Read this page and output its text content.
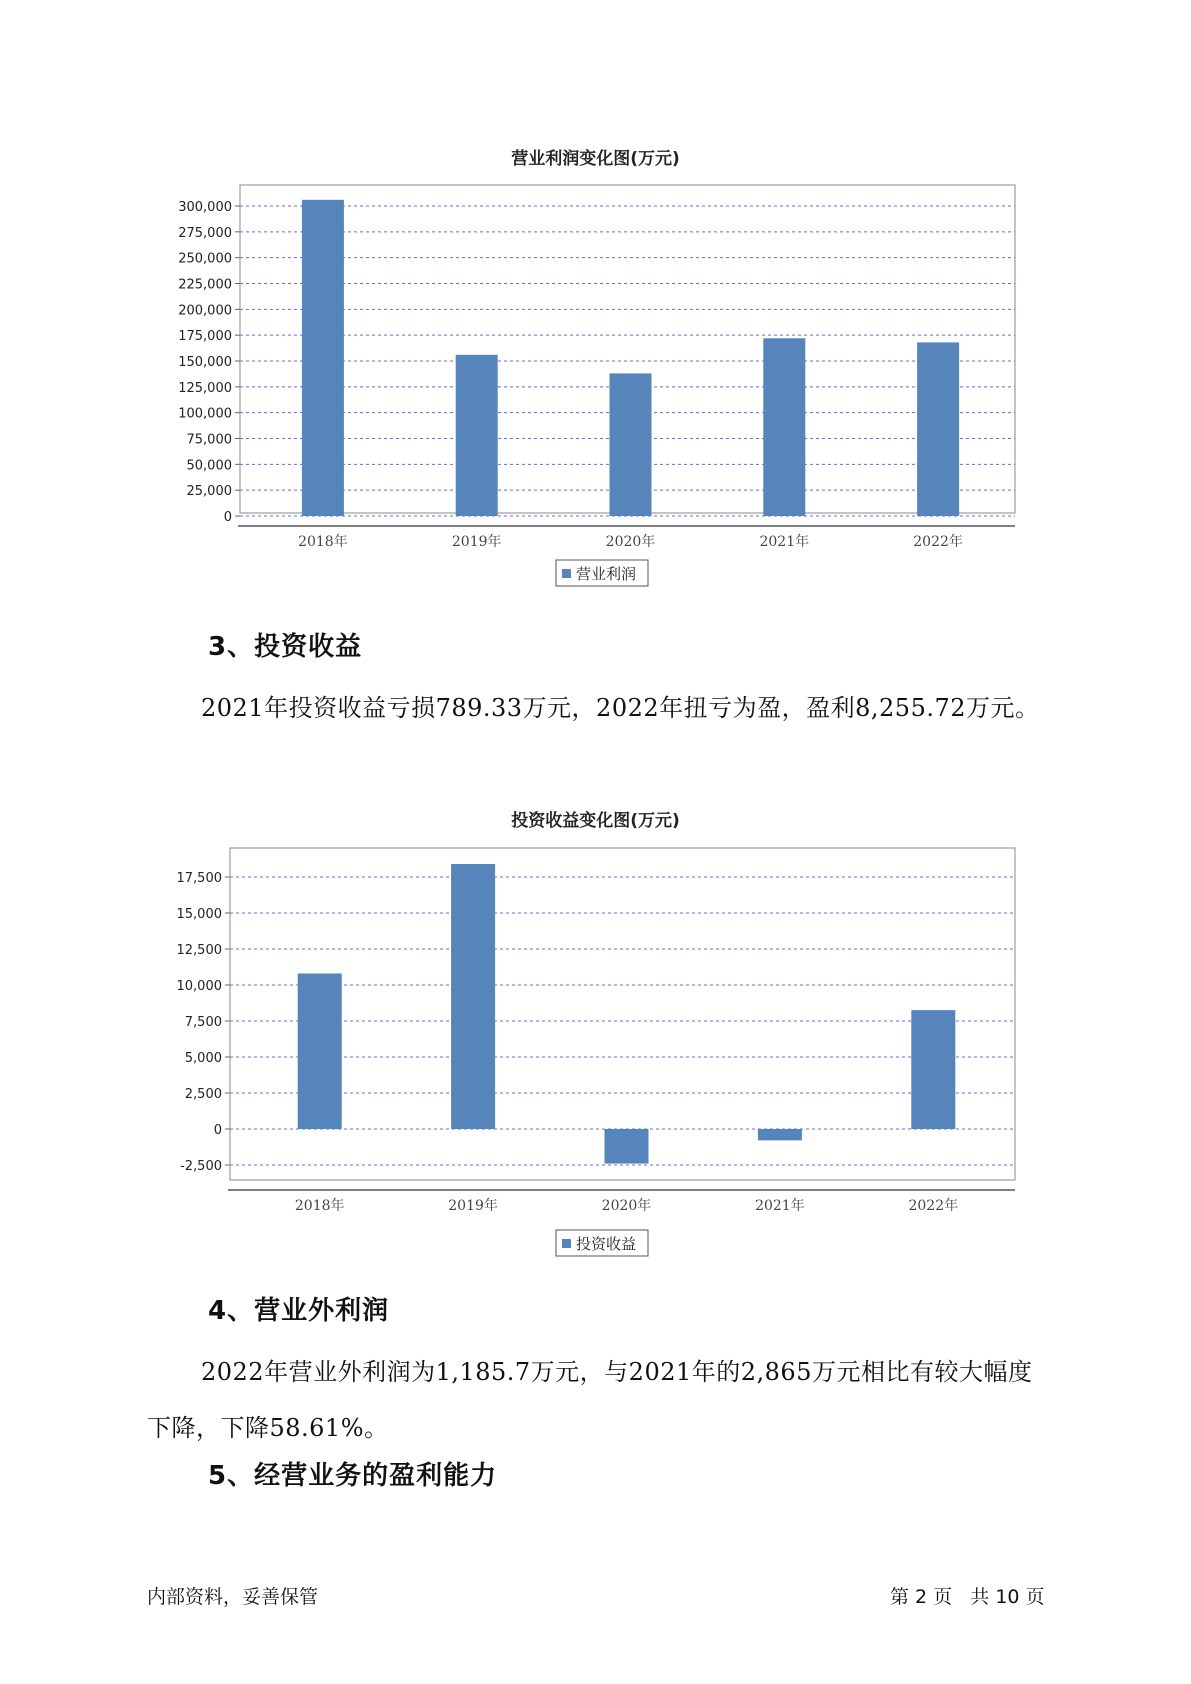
营业利润变化图(万元)
0
25,000
50,000
75,000
100,000
125,000
150,000
175,000
200,000
225,000
250,000
275,000
300,000
2018年	2019年	2020年	2021年	2022年
营业利润
3、投资收益
2021年投资收益亏损789.33万元，2022年扭亏为盈，盈利8,255.72万元。
投资收益变化图(万元)
-2,500
0
2,500
5,000
7,500
10,000
12,500
15,000
17,500
2018年	2019年	2020年	2021年	2022年
投资收益
4、营业外利润
2022年营业外利润为1,185.7万元，与2021年的2,865万元相比有较大幅度下降，下降58.61%。
5、经营业务的盈利能力
内部资料，妥善保管	第 2 页   共 10 页
